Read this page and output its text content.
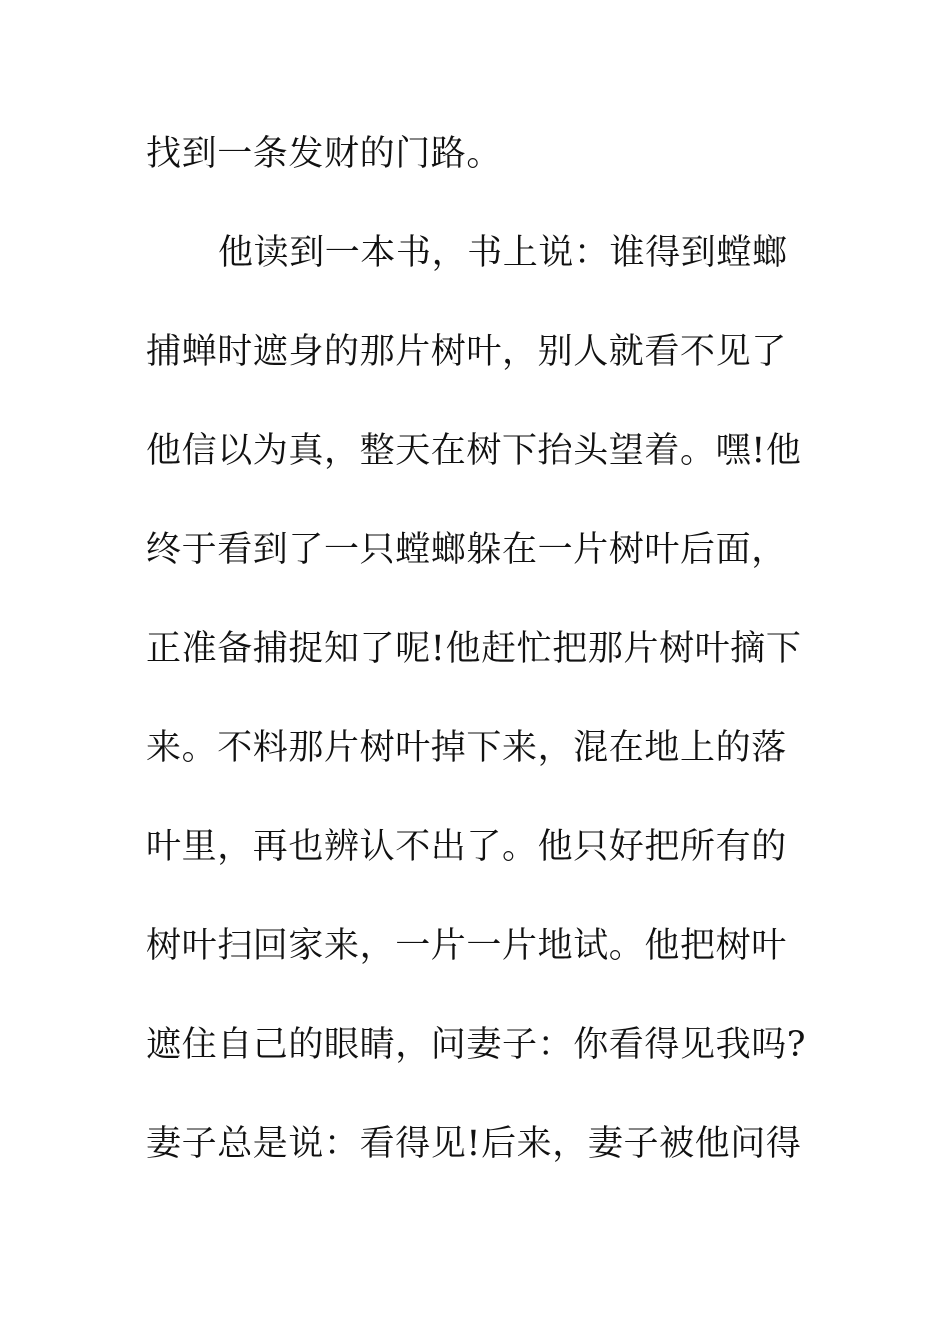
找到一条发财的门路。
他读到一本书，书上说：谁得到螳螂
捕蝉时遮身的那片树叶，别人就看不见了
他信以为真，整天在树下抬头望着。嘿!他
终于看到了一只螳螂躲在一片树叶后面，
正准备捕捉知了呢!他赶忙把那片树叶摘下
来。不料那片树叶掉下来，混在地上的落
叶里，再也辨认不出了。他只好把所有的
树叶扫回家来，一片一片地试。他把树叶
遮住自己的眼睛，问妻子：你看得见我吗?
妻子总是说：看得见!后来，妻子被他问得
